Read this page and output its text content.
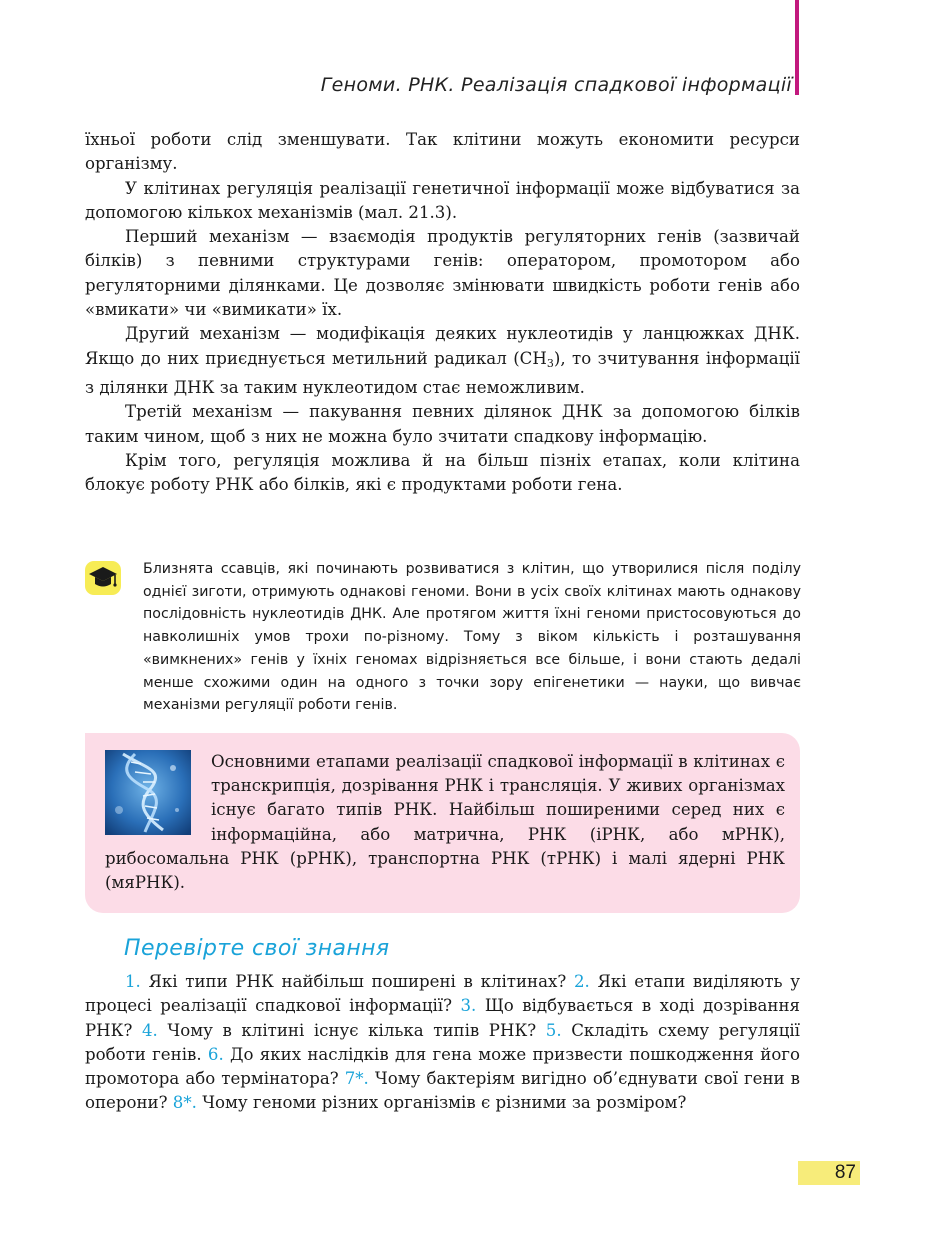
Геноми. РНК. Реалізація спадкової інформації

їхньої роботи слід зменшувати. Так клітини можуть економити ресурси організму.

У клітинах регуляція реалізації генетичної інформації може відбуватися за допомогою кількох механізмів (мал. 21.3).

Перший механізм — взаємодія продуктів регуляторних генів (зазвичай білків) з певними структурами генів: оператором, промотором або регуляторними ділянками. Це дозволяє змінювати швидкість роботи генів або «вмикати» чи «вимикати» їх.

Другий механізм — модифікація деяких нуклеотидів у ланцюжках ДНК. Якщо до них приєднується метильний радикал $(CH_3)$, то зчитування інформації з ділянки ДНК за таким нуклеотидом стає неможливим.

Третій механізм — пакування певних ділянок ДНК за допомогою білків таким чином, щоб з них не можна було зчитати спадкову інформацію.

Крім того, регуляція можлива й на більш пізніх етапах, коли клітина блокує роботу РНК або білків, які є продуктами роботи гена.

Близнята ссавців, які починають розвиватися з клітин, що утворилися після поділу однієї зиготи, отримують однакові геноми. Вони в усіх своїх клітинах мають однакову послідовність нуклеотидів ДНК. Але протягом життя їхні геноми пристосовуються до навколишніх умов трохи по-різному. Тому з віком кількість і розташування «вимкнених» генів у їхніх геномах відрізняється все більше, і вони стають дедалі менше схожими один на одного з точки зору епігенетики — науки, що вивчає механізми регуляції роботи генів.

Основними етапами реалізації спадкової інформації в клітинах є транскрипція, дозрівання РНК і трансляція. У живих організмах існує багато типів РНК. Найбільш поширеними серед них є інформаційна, або матрична, РНК (іРНК, або мРНК), рибосомальна РНК (рРНК), транспортна РНК (тРНК) і малі ядерні РНК (мяРНК).

Перевірте свої знання

1. Які типи РНК найбільш поширені в клітинах? 2. Які етапи виділяють у процесі реалізації спадкової інформації? 3. Що відбувається в ході дозрівання РНК? 4. Чому в клітині існує кілька типів РНК? 5. Складіть схему регуляції роботи генів. 6. До яких наслідків для гена може призвести пошкодження його промотора або термінатора? 7*. Чому бактеріям вигідно об’єднувати свої гени в оперони? 8*. Чому геноми різних організмів є різними за розміром?

87
